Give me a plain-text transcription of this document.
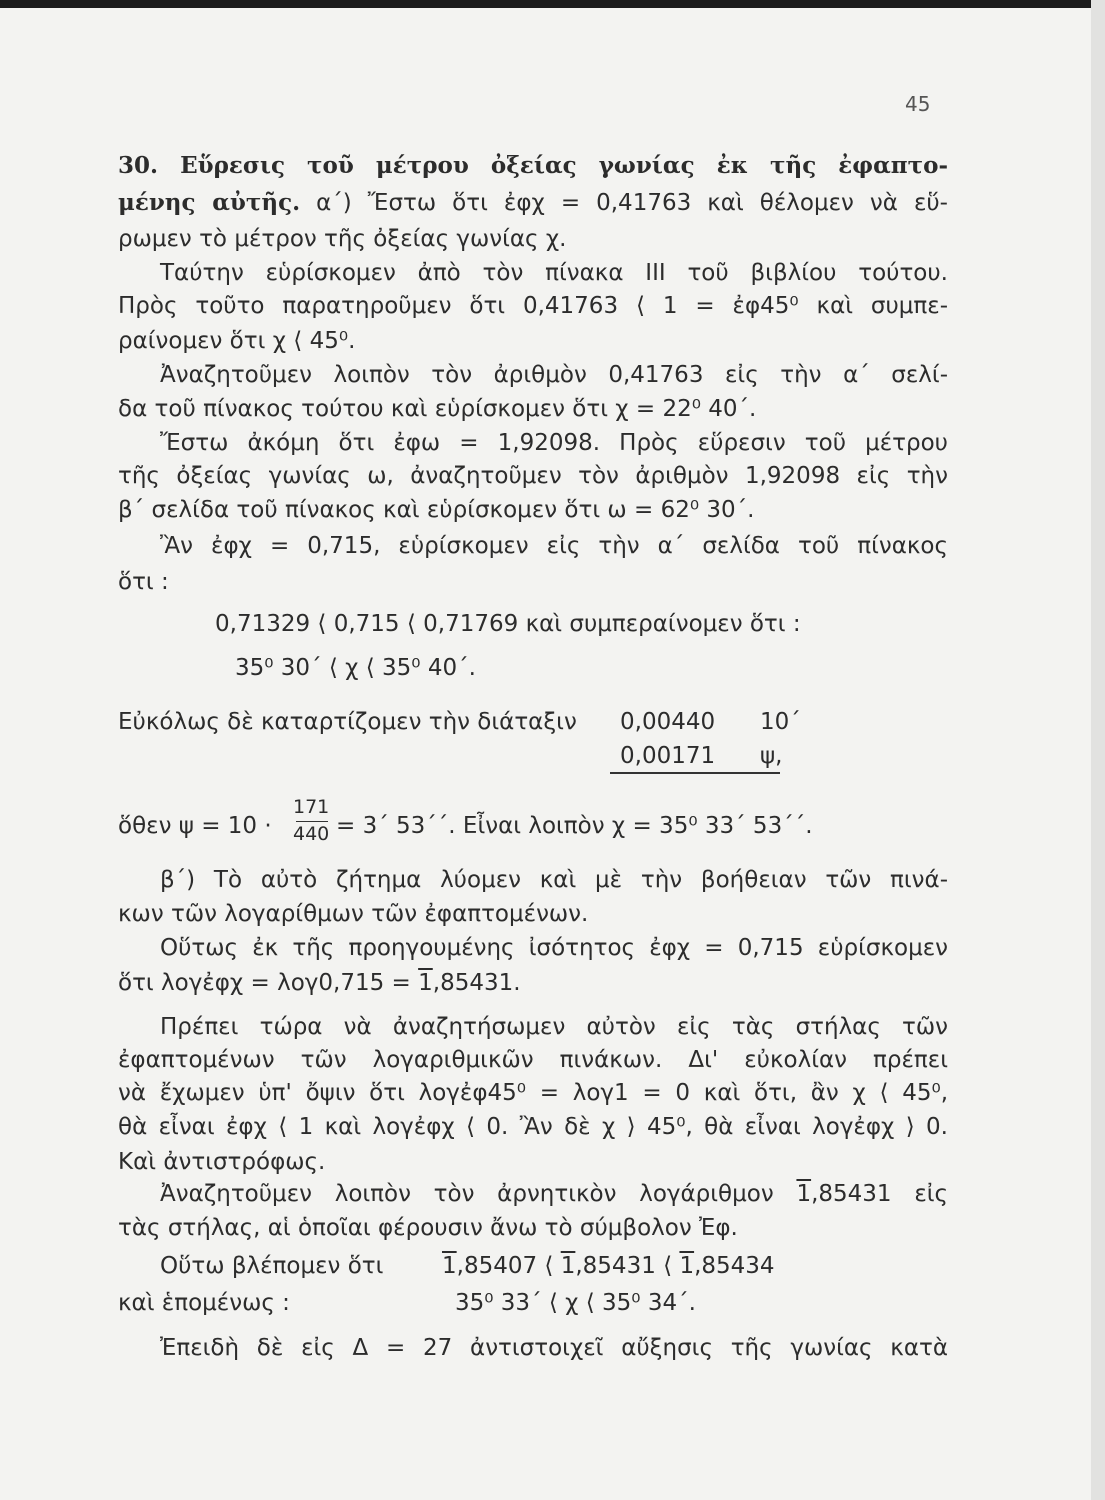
45
30. Εὕρεσις τοῦ μέτρου ὀξείας γωνίας ἐκ τῆς ἐφαπτο-
μένης αὐτῆς. α΄) Ἔστω ὅτι ἐφχ = 0,41763 καὶ θέλομεν νὰ εὕ-
ρωμεν τὸ μέτρον τῆς ὀξείας γωνίας χ.
Ταύτην εὑρίσκομεν ἀπὸ τὸν πίνακα III τοῦ βιβλίου τούτου.
Πρὸς τοῦτο παρατηροῦμεν ὅτι 0,41763 ⟨ 1 = ἐφ45⁰ καὶ συμπε-
ραίνομεν ὅτι χ ⟨ 45⁰.
Ἀναζητοῦμεν λοιπὸν τὸν ἀριθμὸν 0,41763 εἰς τὴν α΄ σελί-
δα τοῦ πίνακος τούτου καὶ εὑρίσκομεν ὅτι χ = 22⁰ 40΄.
Ἔστω ἀκόμη ὅτι ἐφω = 1,92098. Πρὸς εὕρεσιν τοῦ μέτρου
τῆς ὀξείας γωνίας ω, ἀναζητοῦμεν τὸν ἀριθμὸν 1,92098 εἰς τὴν
β΄ σελίδα τοῦ πίνακος καὶ εὑρίσκομεν ὅτι ω = 62⁰ 30΄.
Ἂν ἐφχ = 0,715, εὑρίσκομεν εἰς τὴν α΄ σελίδα τοῦ πίνακος
ὅτι :
0,71329 ⟨ 0,715 ⟨ 0,71769 καὶ συμπεραίνομεν ὅτι :
35⁰ 30΄ ⟨ χ ⟨ 35⁰ 40΄.
Εὐκόλως δὲ καταρτίζομεν τὴν διάταξιν 0,00440 10΄
0,00171 ψ,
ὅθεν ψ = 10 ·
171
440 = 3΄ 53΄΄. Εἶναι λοιπὸν χ = 35⁰ 33΄ 53΄΄.
β΄) Τὸ αὐτὸ ζήτημα λύομεν καὶ μὲ τὴν βοήθειαν τῶν πινά-
κων τῶν λογαρίθμων τῶν ἐφαπτομένων.
Οὕτως ἐκ τῆς προηγουμένης ἰσότητος ἐφχ = 0,715 εὑρίσκομεν
ὅτι λογἐφχ = λογ0,715 = 1,85431.
Πρέπει τώρα νὰ ἀναζητήσωμεν αὐτὸν εἰς τὰς στήλας τῶν
ἐφαπτομένων τῶν λογαριθμικῶν πινάκων. Δι' εὐκολίαν πρέπει
νὰ ἔχωμεν ὑπ' ὄψιν ὅτι λογἐφ45⁰ = λογ1 = 0 καὶ ὅτι, ἂν χ ⟨ 45⁰,
θὰ εἶναι ἐφχ ⟨ 1 καὶ λογἐφχ ⟨ 0. Ἂν δὲ χ ⟩ 45⁰, θὰ εἶναι λογἐφχ ⟩ 0.
Καὶ ἀντιστρόφως.
Ἀναζητοῦμεν λοιπὸν τὸν ἀρνητικὸν λογάριθμον 1,85431 εἰς
τὰς στήλας, αἱ ὁποῖαι φέρουσιν ἄνω τὸ σύμβολον Ἐφ.
Οὕτω βλέπομεν ὅτι	1,85407 ⟨ 1,85431 ⟨ 1,85434
καὶ ἑπομένως :	35⁰ 33΄ ⟨ χ ⟨ 35⁰ 34΄.
Ἐπειδὴ δὲ εἰς Δ = 27 ἀντιστοιχεῖ αὔξησις τῆς γωνίας κατὰ
